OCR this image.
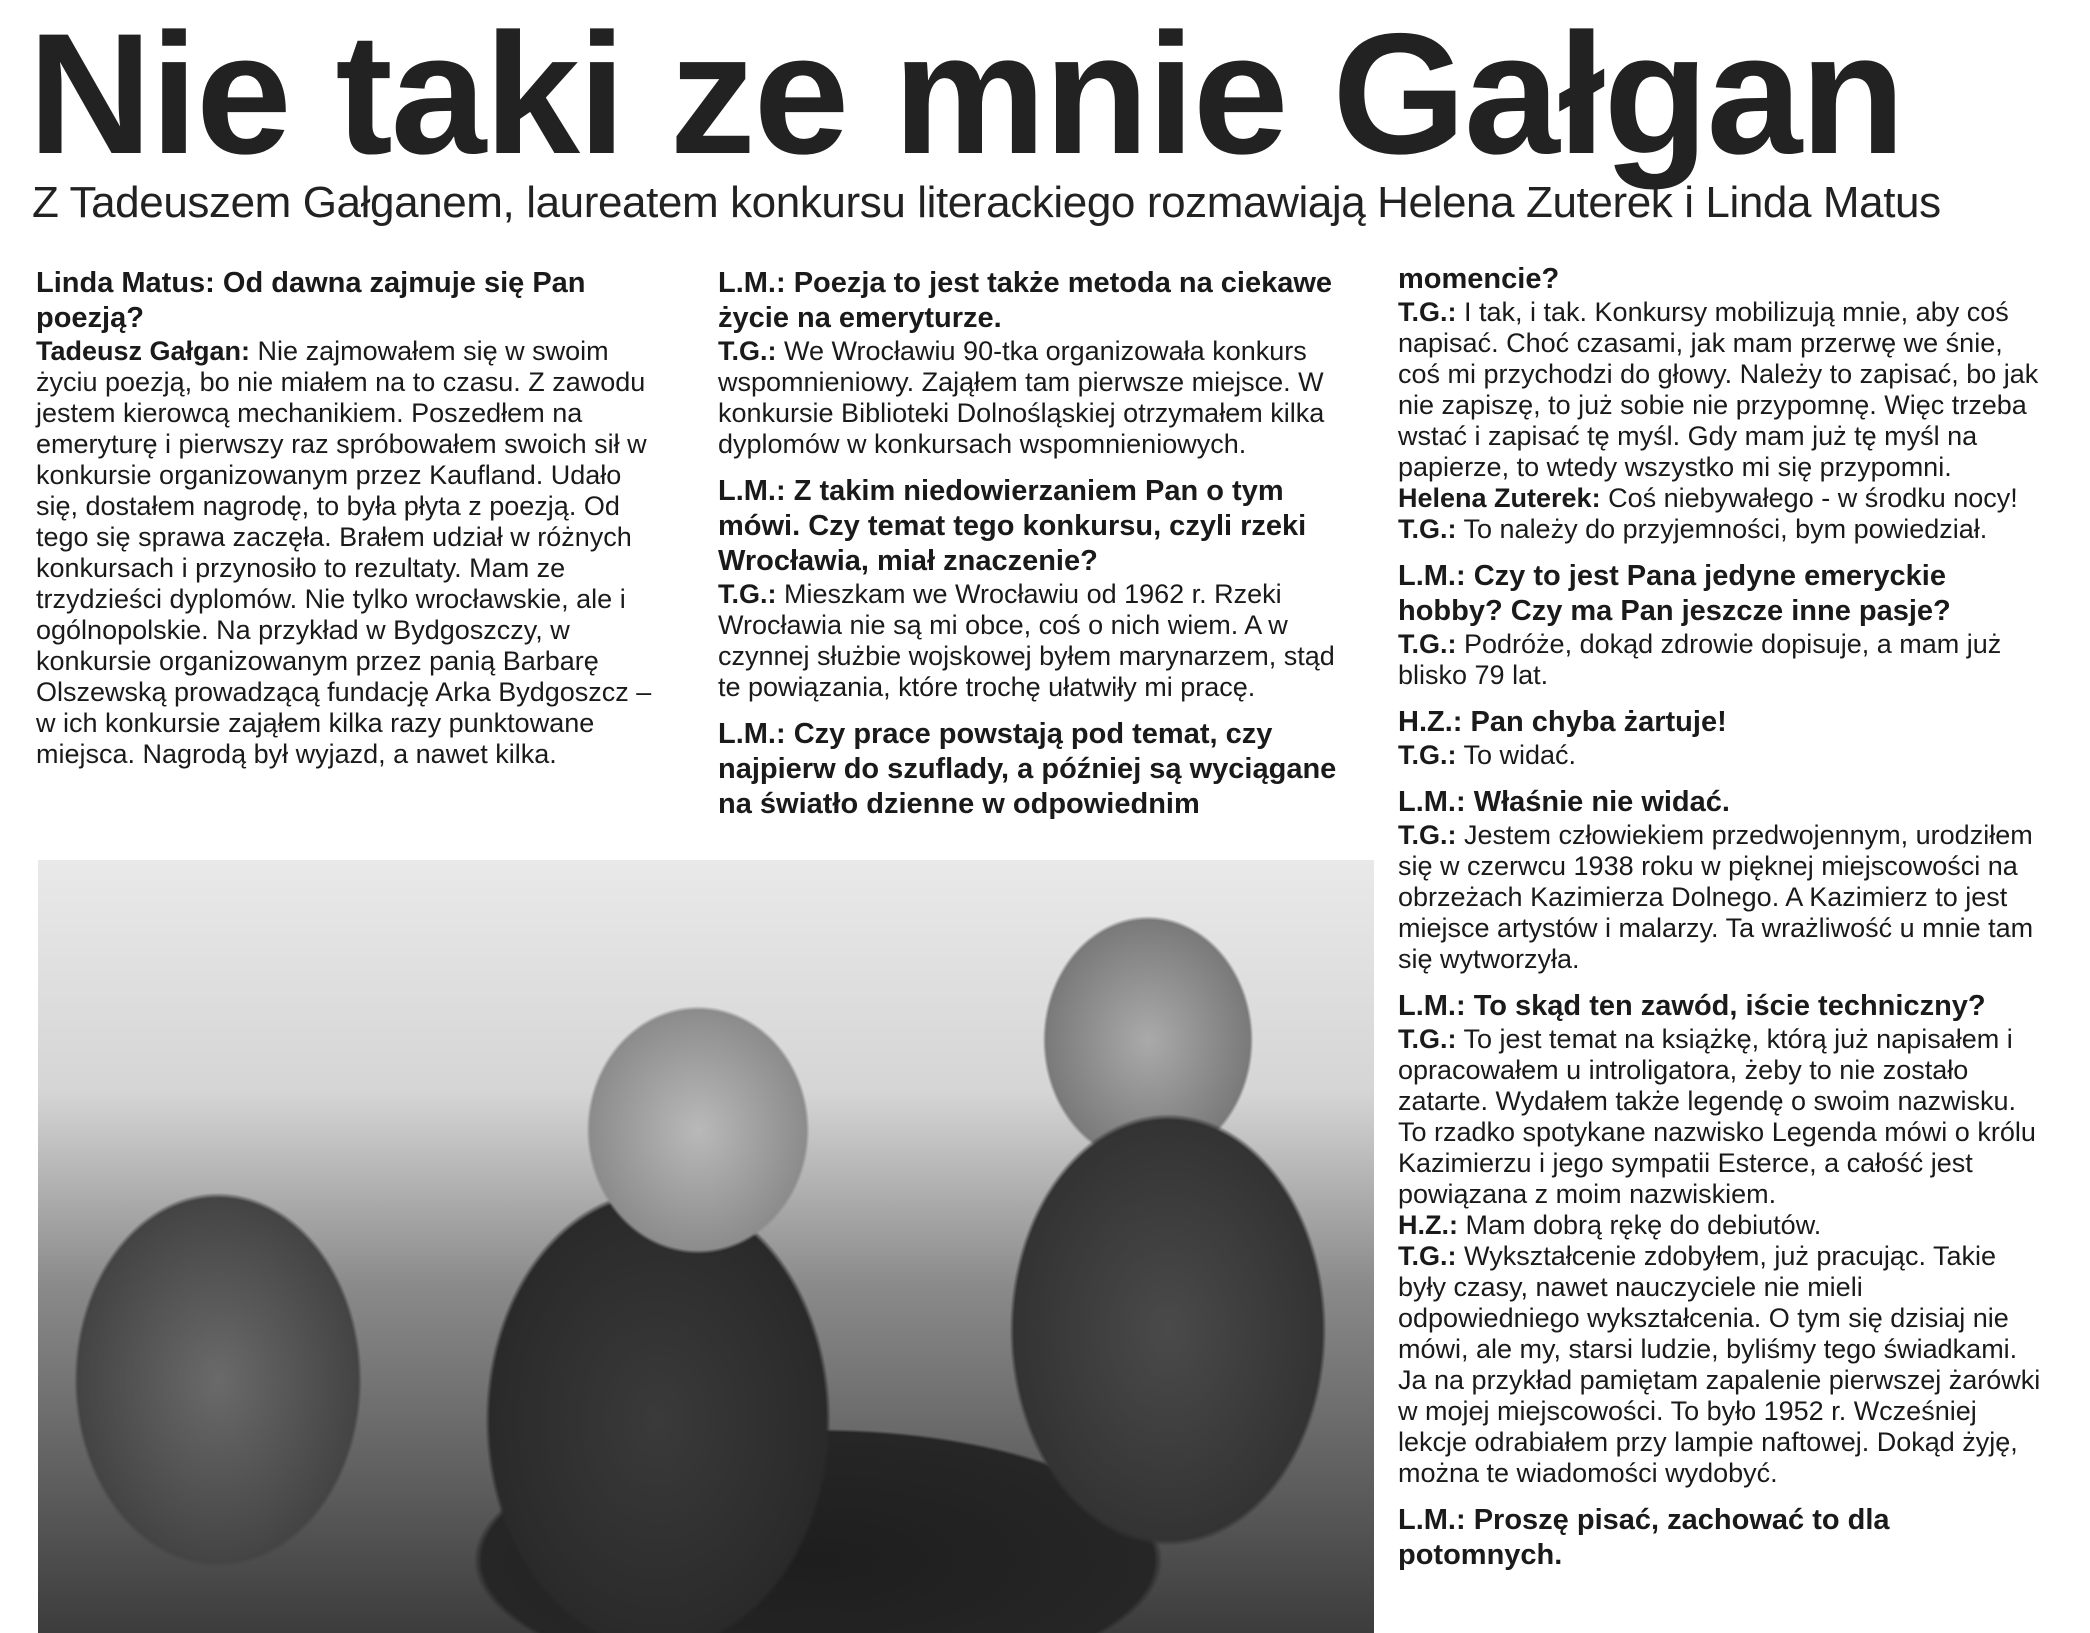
Nie taki ze mnie Gałgan
Z Tadeuszem Gałganem, laureatem konkursu literackiego rozmawiają Helena Zuterek i Linda Matus

Linda Matus: Od dawna zajmuje się Pan poezją?

Tadeusz Gałgan: Nie zajmowałem się w swoim życiu poezją, bo nie miałem na to czasu. Z zawodu jestem kierowcą mechanikiem. Poszedłem na emeryturę i pierwszy raz spróbowałem swoich sił w konkursie organizowanym przez Kaufland. Udało się, dostałem nagrodę, to była płyta z poezją. Od tego się sprawa zaczęła. Brałem udział w różnych konkursach i przynosiło to rezultaty. Mam ze trzydzieści dyplomów. Nie tylko wrocławskie, ale i ogólnopolskie. Na przykład w Bydgoszczy, w konkursie organizowanym przez panią Barbarę Olszewską prowadzącą fundację Arka Bydgoszcz – w ich konkursie zająłem kilka razy punktowane miejsca. Nagrodą był wyjazd, a nawet kilka.

L.M.: Poezja to jest także metoda na ciekawe życie na emeryturze.

T.G.: We Wrocławiu 90-tka organizowała konkurs wspomnieniowy. Zająłem tam pierwsze miejsce. W konkursie Biblioteki Dolnośląskiej otrzymałem kilka dyplomów w konkursach wspomnieniowych.

L.M.: Z takim niedowierzaniem Pan o tym mówi. Czy temat tego konkursu, czyli rzeki Wrocławia, miał znaczenie?

T.G.: Mieszkam we Wrocławiu od 1962 r. Rzeki Wrocławia nie są mi obce, coś o nich wiem. A w czynnej służbie wojskowej byłem marynarzem, stąd te powiązania, które trochę ułatwiły mi pracę.

L.M.: Czy prace powstają pod temat, czy najpierw do szuflady, a później są wyciągane na światło dzienne w odpowiednim

momencie?

T.G.: I tak, i tak. Konkursy mobilizują mnie, aby coś napisać. Choć czasami, jak mam przerwę we śnie, coś mi przychodzi do głowy. Należy to zapisać, bo jak nie zapiszę, to już sobie nie przypomnę. Więc trzeba wstać i zapisać tę myśl. Gdy mam już tę myśl na papierze, to wtedy wszystko mi się przypomni.

Helena Zuterek: Coś niebywałego - w środku nocy!

T.G.: To należy do przyjemności, bym powiedział.

L.M.: Czy to jest Pana jedyne emeryckie hobby? Czy ma Pan jeszcze inne pasje?

T.G.: Podróże, dokąd zdrowie dopisuje, a mam już blisko 79 lat.

H.Z.: Pan chyba żartuje!

T.G.: To widać.

L.M.: Właśnie nie widać.

T.G.: Jestem człowiekiem przedwojennym, urodziłem się w czerwcu 1938 roku w pięknej miejscowości na obrzeżach Kazimierza Dolnego. A Kazimierz to jest miejsce artystów i malarzy. Ta wrażliwość u mnie tam się wytworzyła.

L.M.: To skąd ten zawód, iście techniczny?

T.G.: To jest temat na książkę, którą już napisałem i opracowałem u introligatora, żeby to nie zostało zatarte. Wydałem także legendę o swoim nazwisku. To rzadko spotykane nazwisko Legenda mówi o królu Kazimierzu i jego sympatii Esterce, a całość jest powiązana z moim nazwiskiem.

H.Z.: Mam dobrą rękę do debiutów.

T.G.: Wykształcenie zdobyłem, już pracując. Takie były czasy, nawet nauczyciele nie mieli odpowiedniego wykształcenia. O tym się dzisiaj nie mówi, ale my, starsi ludzie, byliśmy tego świadkami. Ja na przykład pamiętam zapalenie pierwszej żarówki w mojej miejscowości. To było 1952 r. Wcześniej lekcje odrabiałem przy lampie naftowej. Dokąd żyję, można te wiadomości wydobyć.

L.M.: Proszę pisać, zachować to dla potomnych.
